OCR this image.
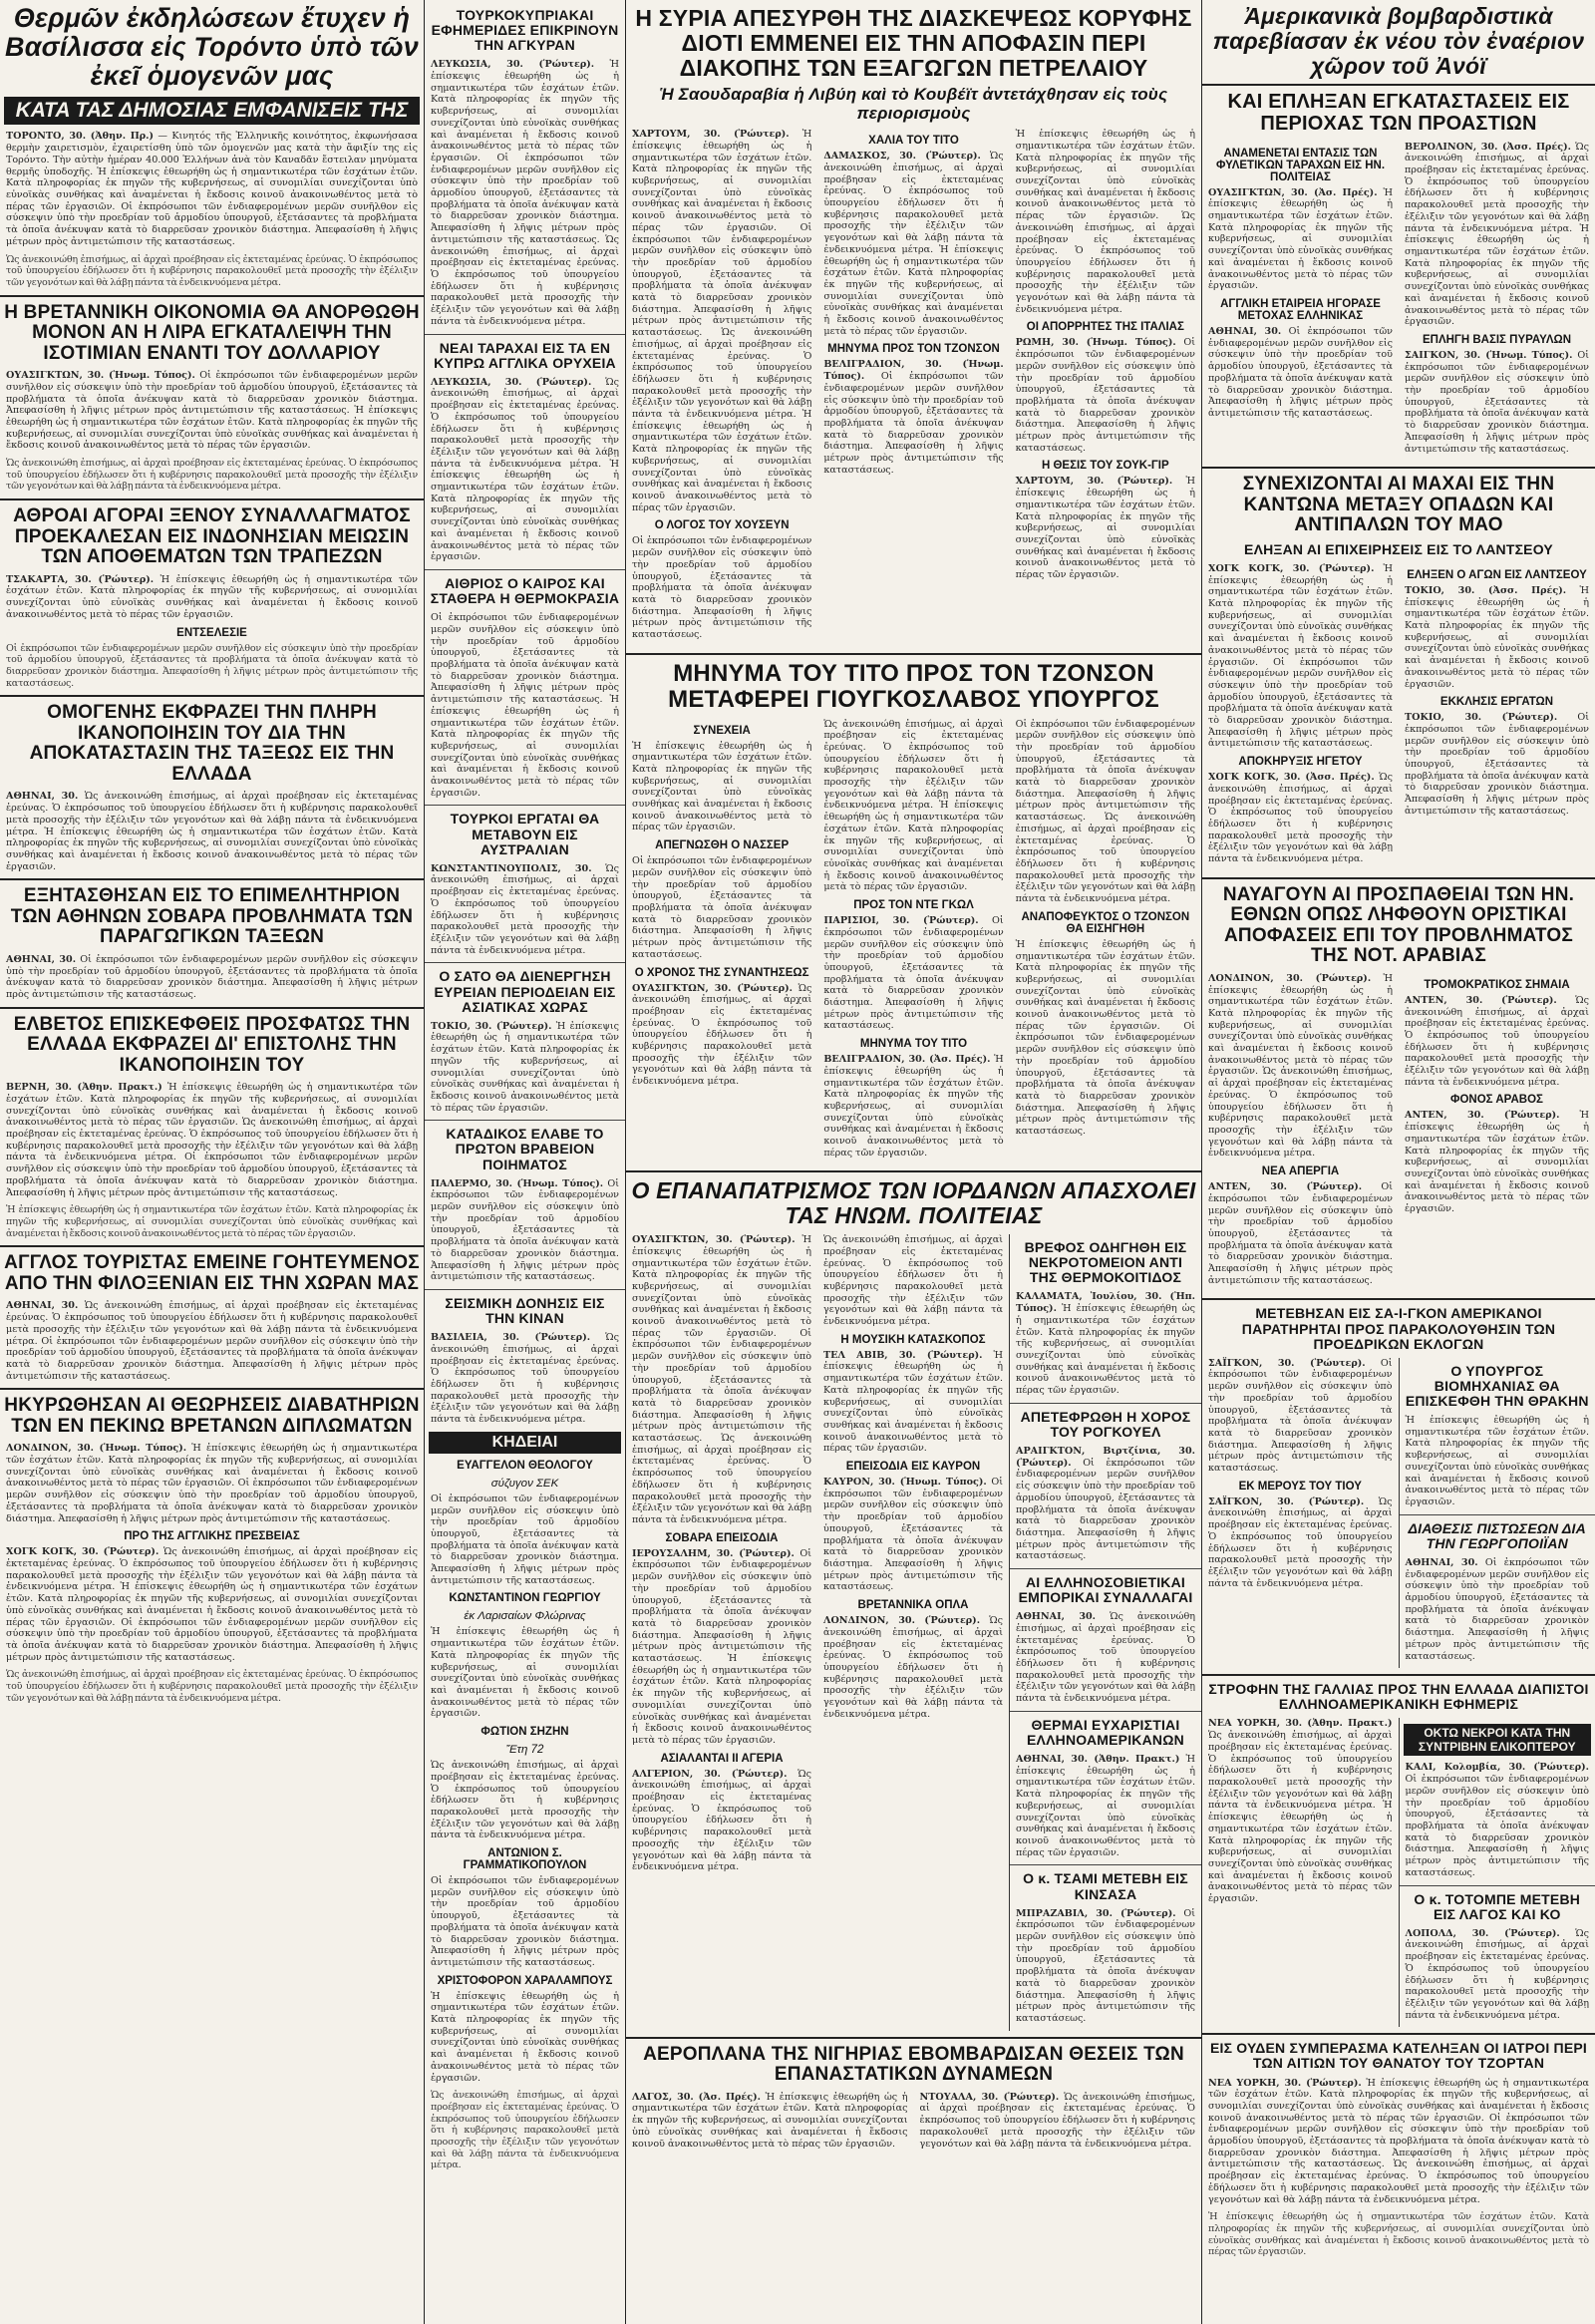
Θερμῶν ἐκδηλώσεων ἔτυχεν ἡ Βασίλισσα εἰς Τορόντο ὑπὸ τῶν ἐκεῖ ὁμογενῶν μας
ΚΑΤΑ ΤΑΣ ΔΗΜΟΣΙΑΣ ΕΜΦΑΝΙΣΕΙΣ ΤΗΣ
ΤΟΡΟΝΤΟ, 30. (Ἀθην. Πρ.) — Κινητός τῆς Ἑλληνικῆς κοινότητος, ἐκφωνήσασα θερμὴν χαιρετισμὸν, ἐχαιρετίσθη ὑπὸ τῶν ὁμογενῶν μας κατὰ τὴν ἄφιξίν της εἰς Τορόντο. Τὴν αὐτὴν ἡμέραν 40.000 Ἑλλήνων ἀνὰ τὸν Καναδᾶν ἔστειλαν μηνύματα θερμῆς ὑποδοχῆς. Ἡ ἐπίσκεψις ἐθεωρήθη ὡς ἡ σημαντικωτέρα τῶν ἐσχάτων ἐτῶν. Κατὰ πληροφορίας ἐκ πηγῶν τῆς κυβερνήσεως, αἱ συνομιλίαι συνεχίζονται ὑπὸ εὐνοϊκὰς συνθήκας καὶ ἀναμένεται ἡ ἔκδοσις κοινοῦ ἀνακοινωθέντος μετὰ τὸ πέρας τῶν ἐργασιῶν. Οἱ ἐκπρόσωποι τῶν ἐνδιαφερομένων μερῶν συνῆλθον εἰς σύσκεψιν ὑπὸ τὴν προεδρίαν τοῦ ἁρμοδίου ὑπουργοῦ, ἐξετάσαντες τὰ προβλήματα τὰ ὁποῖα ἀνέκυψαν κατὰ τὸ διαρρεῦσαν χρονικὸν διάστημα. Ἀπεφασίσθη ἡ λῆψις μέτρων πρὸς ἀντιμετώπισιν τῆς καταστάσεως.
Ὡς ἀνεκοινώθη ἐπισήμως, αἱ ἀρχαὶ προέβησαν εἰς ἐκτεταμένας ἐρεύνας. Ὁ ἐκπρόσωπος τοῦ ὑπουργείου ἐδήλωσεν ὅτι ἡ κυβέρνησις παρακολουθεῖ μετὰ προσοχῆς τὴν ἐξέλιξιν τῶν γεγονότων καὶ θὰ λάβῃ πάντα τὰ ἐνδεικνυόμενα μέτρα.
Η ΒΡΕΤΑΝΝΙΚΗ ΟΙΚΟΝΟΜΙΑ ΘΑ ΑΝΟΡΘΩΘΗ ΜΟΝΟΝ ΑΝ Η ΛΙΡΑ ΕΓΚΑΤΑΛΕΙΨΗ ΤΗΝ ΙΣΟΤΙΜΙΑΝ ΕΝΑΝΤΙ ΤΟΥ ΔΟΛΛΑΡΙΟΥ
ΟΥΑΣΙΓΚΤΩΝ, 30. (Ἡνωμ. Τύπος). Οἱ ἐκπρόσωποι τῶν ἐνδιαφερομένων μερῶν συνῆλθον εἰς σύσκεψιν ὑπὸ τὴν προεδρίαν τοῦ ἁρμοδίου ὑπουργοῦ, ἐξετάσαντες τὰ προβλήματα τὰ ὁποῖα ἀνέκυψαν κατὰ τὸ διαρρεῦσαν χρονικὸν διάστημα. Ἀπεφασίσθη ἡ λῆψις μέτρων πρὸς ἀντιμετώπισιν τῆς καταστάσεως. Ἡ ἐπίσκεψις ἐθεωρήθη ὡς ἡ σημαντικωτέρα τῶν ἐσχάτων ἐτῶν. Κατὰ πληροφορίας ἐκ πηγῶν τῆς κυβερνήσεως, αἱ συνομιλίαι συνεχίζονται ὑπὸ εὐνοϊκὰς συνθήκας καὶ ἀναμένεται ἡ ἔκδοσις κοινοῦ ἀνακοινωθέντος μετὰ τὸ πέρας τῶν ἐργασιῶν.
Ὡς ἀνεκοινώθη ἐπισήμως, αἱ ἀρχαὶ προέβησαν εἰς ἐκτεταμένας ἐρεύνας. Ὁ ἐκπρόσωπος τοῦ ὑπουργείου ἐδήλωσεν ὅτι ἡ κυβέρνησις παρακολουθεῖ μετὰ προσοχῆς τὴν ἐξέλιξιν τῶν γεγονότων καὶ θὰ λάβῃ πάντα τὰ ἐνδεικνυόμενα μέτρα.
ΑΘΡΟΑΙ ΑΓΟΡΑΙ ΞΕΝΟΥ ΣΥΝΑΛΛΑΓΜΑΤΟΣ ΠΡΟΕΚΑΛΕΣΑΝ ΕΙΣ ΙΝΔΟΝΗΣΙΑΝ ΜΕΙΩΣΙΝ ΤΩΝ ΑΠΟΘΕΜΑΤΩΝ ΤΩΝ ΤΡΑΠΕΖΩΝ
ΤΣΑΚΑΡΤΑ, 30. (Ῥώυτερ). Ἡ ἐπίσκεψις ἐθεωρήθη ὡς ἡ σημαντικωτέρα τῶν ἐσχάτων ἐτῶν. Κατὰ πληροφορίας ἐκ πηγῶν τῆς κυβερνήσεως, αἱ συνομιλίαι συνεχίζονται ὑπὸ εὐνοϊκὰς συνθήκας καὶ ἀναμένεται ἡ ἔκδοσις κοινοῦ ἀνακοινωθέντος μετὰ τὸ πέρας τῶν ἐργασιῶν.
ΕΝΤΣΕΛΕΣΙΕ
Οἱ ἐκπρόσωποι τῶν ἐνδιαφερομένων μερῶν συνῆλθον εἰς σύσκεψιν ὑπὸ τὴν προεδρίαν τοῦ ἁρμοδίου ὑπουργοῦ, ἐξετάσαντες τὰ προβλήματα τὰ ὁποῖα ἀνέκυψαν κατὰ τὸ διαρρεῦσαν χρονικὸν διάστημα. Ἀπεφασίσθη ἡ λῆψις μέτρων πρὸς ἀντιμετώπισιν τῆς καταστάσεως.
ΟΜΟΓΕΝΗΣ ΕΚΦΡΑΖΕΙ ΤΗΝ ΠΛΗΡΗ ΙΚΑΝΟΠΟΙΗΣΙΝ ΤΟΥ ΔΙΑ ΤΗΝ ΑΠΟΚΑΤΑΣΤΑΣΙΝ ΤΗΣ ΤΑΞΕΩΣ ΕΙΣ ΤΗΝ ΕΛΛΑΔΑ
ΑΘΗΝΑΙ, 30. Ὡς ἀνεκοινώθη ἐπισήμως, αἱ ἀρχαὶ προέβησαν εἰς ἐκτεταμένας ἐρεύνας. Ὁ ἐκπρόσωπος τοῦ ὑπουργείου ἐδήλωσεν ὅτι ἡ κυβέρνησις παρακολουθεῖ μετὰ προσοχῆς τὴν ἐξέλιξιν τῶν γεγονότων καὶ θὰ λάβῃ πάντα τὰ ἐνδεικνυόμενα μέτρα. Ἡ ἐπίσκεψις ἐθεωρήθη ὡς ἡ σημαντικωτέρα τῶν ἐσχάτων ἐτῶν. Κατὰ πληροφορίας ἐκ πηγῶν τῆς κυβερνήσεως, αἱ συνομιλίαι συνεχίζονται ὑπὸ εὐνοϊκὰς συνθήκας καὶ ἀναμένεται ἡ ἔκδοσις κοινοῦ ἀνακοινωθέντος μετὰ τὸ πέρας τῶν ἐργασιῶν.
ΕΞΗΤΑΣΘΗΣΑΝ ΕΙΣ ΤΟ ΕΠΙΜΕΛΗΤΗΡΙΟΝ ΤΩΝ ΑΘΗΝΩΝ ΣΟΒΑΡΑ ΠΡΟΒΛΗΜΑΤΑ ΤΩΝ ΠΑΡΑΓΩΓΙΚΩΝ ΤΑΞΕΩΝ
ΑΘΗΝΑΙ, 30. Οἱ ἐκπρόσωποι τῶν ἐνδιαφερομένων μερῶν συνῆλθον εἰς σύσκεψιν ὑπὸ τὴν προεδρίαν τοῦ ἁρμοδίου ὑπουργοῦ, ἐξετάσαντες τὰ προβλήματα τὰ ὁποῖα ἀνέκυψαν κατὰ τὸ διαρρεῦσαν χρονικὸν διάστημα. Ἀπεφασίσθη ἡ λῆψις μέτρων πρὸς ἀντιμετώπισιν τῆς καταστάσεως.
ΕΛΒΕΤΟΣ ΕΠΙΣΚΕΦΘΕΙΣ ΠΡΟΣΦΑΤΩΣ ΤΗΝ ΕΛΛΑΔΑ ΕΚΦΡΑΖΕΙ ΔΙ' ΕΠΙΣΤΟΛΗΣ ΤΗΝ ΙΚΑΝΟΠΟΙΗΣΙΝ ΤΟΥ
ΒΕΡΝΗ, 30. (Ἀθην. Πρακτ.) Ἡ ἐπίσκεψις ἐθεωρήθη ὡς ἡ σημαντικωτέρα τῶν ἐσχάτων ἐτῶν. Κατὰ πληροφορίας ἐκ πηγῶν τῆς κυβερνήσεως, αἱ συνομιλίαι συνεχίζονται ὑπὸ εὐνοϊκὰς συνθήκας καὶ ἀναμένεται ἡ ἔκδοσις κοινοῦ ἀνακοινωθέντος μετὰ τὸ πέρας τῶν ἐργασιῶν. Ὡς ἀνεκοινώθη ἐπισήμως, αἱ ἀρχαὶ προέβησαν εἰς ἐκτεταμένας ἐρεύνας. Ὁ ἐκπρόσωπος τοῦ ὑπουργείου ἐδήλωσεν ὅτι ἡ κυβέρνησις παρακολουθεῖ μετὰ προσοχῆς τὴν ἐξέλιξιν τῶν γεγονότων καὶ θὰ λάβῃ πάντα τὰ ἐνδεικνυόμενα μέτρα. Οἱ ἐκπρόσωποι τῶν ἐνδιαφερομένων μερῶν συνῆλθον εἰς σύσκεψιν ὑπὸ τὴν προεδρίαν τοῦ ἁρμοδίου ὑπουργοῦ, ἐξετάσαντες τὰ προβλήματα τὰ ὁποῖα ἀνέκυψαν κατὰ τὸ διαρρεῦσαν χρονικὸν διάστημα. Ἀπεφασίσθη ἡ λῆψις μέτρων πρὸς ἀντιμετώπισιν τῆς καταστάσεως.
Ἡ ἐπίσκεψις ἐθεωρήθη ὡς ἡ σημαντικωτέρα τῶν ἐσχάτων ἐτῶν. Κατὰ πληροφορίας ἐκ πηγῶν τῆς κυβερνήσεως, αἱ συνομιλίαι συνεχίζονται ὑπὸ εὐνοϊκὰς συνθήκας καὶ ἀναμένεται ἡ ἔκδοσις κοινοῦ ἀνακοινωθέντος μετὰ τὸ πέρας τῶν ἐργασιῶν.
ΑΓΓΛΟΣ ΤΟΥΡΙΣΤΑΣ ΕΜΕΙΝΕ ΓΟΗΤΕΥΜΕΝΟΣ ΑΠΟ ΤΗΝ ΦΙΛΟΞΕΝΙΑΝ ΕΙΣ ΤΗΝ ΧΩΡΑΝ ΜΑΣ
ΑΘΗΝΑΙ, 30. Ὡς ἀνεκοινώθη ἐπισήμως, αἱ ἀρχαὶ προέβησαν εἰς ἐκτεταμένας ἐρεύνας. Ὁ ἐκπρόσωπος τοῦ ὑπουργείου ἐδήλωσεν ὅτι ἡ κυβέρνησις παρακολουθεῖ μετὰ προσοχῆς τὴν ἐξέλιξιν τῶν γεγονότων καὶ θὰ λάβῃ πάντα τὰ ἐνδεικνυόμενα μέτρα. Οἱ ἐκπρόσωποι τῶν ἐνδιαφερομένων μερῶν συνῆλθον εἰς σύσκεψιν ὑπὸ τὴν προεδρίαν τοῦ ἁρμοδίου ὑπουργοῦ, ἐξετάσαντες τὰ προβλήματα τὰ ὁποῖα ἀνέκυψαν κατὰ τὸ διαρρεῦσαν χρονικὸν διάστημα. Ἀπεφασίσθη ἡ λῆψις μέτρων πρὸς ἀντιμετώπισιν τῆς καταστάσεως.
ΗΚΥΡΩΘΗΣΑΝ ΑΙ ΘΕΩΡΗΣΕΙΣ ΔΙΑΒΑΤΗΡΙΩΝ ΤΩΝ ΕΝ ΠΕΚΙΝΩ ΒΡΕΤΑΝΩΝ ΔΙΠΛΩΜΑΤΩΝ
ΛΟΝΔΙΝΟΝ, 30. (Ἡνωμ. Τύπος). Ἡ ἐπίσκεψις ἐθεωρήθη ὡς ἡ σημαντικωτέρα τῶν ἐσχάτων ἐτῶν. Κατὰ πληροφορίας ἐκ πηγῶν τῆς κυβερνήσεως, αἱ συνομιλίαι συνεχίζονται ὑπὸ εὐνοϊκὰς συνθήκας καὶ ἀναμένεται ἡ ἔκδοσις κοινοῦ ἀνακοινωθέντος μετὰ τὸ πέρας τῶν ἐργασιῶν. Οἱ ἐκπρόσωποι τῶν ἐνδιαφερομένων μερῶν συνῆλθον εἰς σύσκεψιν ὑπὸ τὴν προεδρίαν τοῦ ἁρμοδίου ὑπουργοῦ, ἐξετάσαντες τὰ προβλήματα τὰ ὁποῖα ἀνέκυψαν κατὰ τὸ διαρρεῦσαν χρονικὸν διάστημα. Ἀπεφασίσθη ἡ λῆψις μέτρων πρὸς ἀντιμετώπισιν τῆς καταστάσεως.
ΠΡΟ ΤΗΣ ΑΓΓΛΙΚΗΣ ΠΡΕΣΒΕΙΑΣ
ΧΟΓΚ ΚΟΓΚ, 30. (Ῥώυτερ). Ὡς ἀνεκοινώθη ἐπισήμως, αἱ ἀρχαὶ προέβησαν εἰς ἐκτεταμένας ἐρεύνας. Ὁ ἐκπρόσωπος τοῦ ὑπουργείου ἐδήλωσεν ὅτι ἡ κυβέρνησις παρακολουθεῖ μετὰ προσοχῆς τὴν ἐξέλιξιν τῶν γεγονότων καὶ θὰ λάβῃ πάντα τὰ ἐνδεικνυόμενα μέτρα. Ἡ ἐπίσκεψις ἐθεωρήθη ὡς ἡ σημαντικωτέρα τῶν ἐσχάτων ἐτῶν. Κατὰ πληροφορίας ἐκ πηγῶν τῆς κυβερνήσεως, αἱ συνομιλίαι συνεχίζονται ὑπὸ εὐνοϊκὰς συνθήκας καὶ ἀναμένεται ἡ ἔκδοσις κοινοῦ ἀνακοινωθέντος μετὰ τὸ πέρας τῶν ἐργασιῶν. Οἱ ἐκπρόσωποι τῶν ἐνδιαφερομένων μερῶν συνῆλθον εἰς σύσκεψιν ὑπὸ τὴν προεδρίαν τοῦ ἁρμοδίου ὑπουργοῦ, ἐξετάσαντες τὰ προβλήματα τὰ ὁποῖα ἀνέκυψαν κατὰ τὸ διαρρεῦσαν χρονικὸν διάστημα. Ἀπεφασίσθη ἡ λῆψις μέτρων πρὸς ἀντιμετώπισιν τῆς καταστάσεως.
Ὡς ἀνεκοινώθη ἐπισήμως, αἱ ἀρχαὶ προέβησαν εἰς ἐκτεταμένας ἐρεύνας. Ὁ ἐκπρόσωπος τοῦ ὑπουργείου ἐδήλωσεν ὅτι ἡ κυβέρνησις παρακολουθεῖ μετὰ προσοχῆς τὴν ἐξέλιξιν τῶν γεγονότων καὶ θὰ λάβῃ πάντα τὰ ἐνδεικνυόμενα μέτρα.
ΤΟΥΡΚΟΚΥΠΡΙΑΚΑΙ ΕΦΗΜΕΡΙΔΕΣ ΕΠΙΚΡΙΝΟΥΝ ΤΗΝ ΑΓΚΥΡΑΝ
ΛΕΥΚΩΣΙΑ, 30. (Ῥώυτερ). Ἡ ἐπίσκεψις ἐθεωρήθη ὡς ἡ σημαντικωτέρα τῶν ἐσχάτων ἐτῶν. Κατὰ πληροφορίας ἐκ πηγῶν τῆς κυβερνήσεως, αἱ συνομιλίαι συνεχίζονται ὑπὸ εὐνοϊκὰς συνθήκας καὶ ἀναμένεται ἡ ἔκδοσις κοινοῦ ἀνακοινωθέντος μετὰ τὸ πέρας τῶν ἐργασιῶν. Οἱ ἐκπρόσωποι τῶν ἐνδιαφερομένων μερῶν συνῆλθον εἰς σύσκεψιν ὑπὸ τὴν προεδρίαν τοῦ ἁρμοδίου ὑπουργοῦ, ἐξετάσαντες τὰ προβλήματα τὰ ὁποῖα ἀνέκυψαν κατὰ τὸ διαρρεῦσαν χρονικὸν διάστημα. Ἀπεφασίσθη ἡ λῆψις μέτρων πρὸς ἀντιμετώπισιν τῆς καταστάσεως. Ὡς ἀνεκοινώθη ἐπισήμως, αἱ ἀρχαὶ προέβησαν εἰς ἐκτεταμένας ἐρεύνας. Ὁ ἐκπρόσωπος τοῦ ὑπουργείου ἐδήλωσεν ὅτι ἡ κυβέρνησις παρακολουθεῖ μετὰ προσοχῆς τὴν ἐξέλιξιν τῶν γεγονότων καὶ θὰ λάβῃ πάντα τὰ ἐνδεικνυόμενα μέτρα.
ΝΕΑΙ ΤΑΡΑΧΑΙ ΕΙΣ ΤΑ ΕΝ ΚΥΠΡΩ ΑΓΓΛΙΚΑ ΟΡΥΧΕΙΑ
ΛΕΥΚΩΣΙΑ, 30. (Ῥώυτερ). Ὡς ἀνεκοινώθη ἐπισήμως, αἱ ἀρχαὶ προέβησαν εἰς ἐκτεταμένας ἐρεύνας. Ὁ ἐκπρόσωπος τοῦ ὑπουργείου ἐδήλωσεν ὅτι ἡ κυβέρνησις παρακολουθεῖ μετὰ προσοχῆς τὴν ἐξέλιξιν τῶν γεγονότων καὶ θὰ λάβῃ πάντα τὰ ἐνδεικνυόμενα μέτρα. Ἡ ἐπίσκεψις ἐθεωρήθη ὡς ἡ σημαντικωτέρα τῶν ἐσχάτων ἐτῶν. Κατὰ πληροφορίας ἐκ πηγῶν τῆς κυβερνήσεως, αἱ συνομιλίαι συνεχίζονται ὑπὸ εὐνοϊκὰς συνθήκας καὶ ἀναμένεται ἡ ἔκδοσις κοινοῦ ἀνακοινωθέντος μετὰ τὸ πέρας τῶν ἐργασιῶν.
ΑΙΘΡΙΟΣ Ο ΚΑΙΡΟΣ ΚΑΙ ΣΤΑΘΕΡΑ Η ΘΕΡΜΟΚΡΑΣΙΑ
Οἱ ἐκπρόσωποι τῶν ἐνδιαφερομένων μερῶν συνῆλθον εἰς σύσκεψιν ὑπὸ τὴν προεδρίαν τοῦ ἁρμοδίου ὑπουργοῦ, ἐξετάσαντες τὰ προβλήματα τὰ ὁποῖα ἀνέκυψαν κατὰ τὸ διαρρεῦσαν χρονικὸν διάστημα. Ἀπεφασίσθη ἡ λῆψις μέτρων πρὸς ἀντιμετώπισιν τῆς καταστάσεως. Ἡ ἐπίσκεψις ἐθεωρήθη ὡς ἡ σημαντικωτέρα τῶν ἐσχάτων ἐτῶν. Κατὰ πληροφορίας ἐκ πηγῶν τῆς κυβερνήσεως, αἱ συνομιλίαι συνεχίζονται ὑπὸ εὐνοϊκὰς συνθήκας καὶ ἀναμένεται ἡ ἔκδοσις κοινοῦ ἀνακοινωθέντος μετὰ τὸ πέρας τῶν ἐργασιῶν.
ΤΟΥΡΚΟΙ ΕΡΓΑΤΑΙ ΘΑ ΜΕΤΑΒΟΥΝ ΕΙΣ ΑΥΣΤΡΑΛΙΑΝ
ΚΩΝΣΤΑΝΤΙΝΟΥΠΟΛΙΣ, 30. Ὡς ἀνεκοινώθη ἐπισήμως, αἱ ἀρχαὶ προέβησαν εἰς ἐκτεταμένας ἐρεύνας. Ὁ ἐκπρόσωπος τοῦ ὑπουργείου ἐδήλωσεν ὅτι ἡ κυβέρνησις παρακολουθεῖ μετὰ προσοχῆς τὴν ἐξέλιξιν τῶν γεγονότων καὶ θὰ λάβῃ πάντα τὰ ἐνδεικνυόμενα μέτρα.
Ο ΣΑΤΟ ΘΑ ΔΙΕΝΕΡΓΗΣΗ ΕΥΡΕΙΑΝ ΠΕΡΙΟΔΕΙΑΝ ΕΙΣ ΑΣΙΑΤΙΚΑΣ ΧΩΡΑΣ
ΤΟΚΙΟ, 30. (Ῥώυτερ). Ἡ ἐπίσκεψις ἐθεωρήθη ὡς ἡ σημαντικωτέρα τῶν ἐσχάτων ἐτῶν. Κατὰ πληροφορίας ἐκ πηγῶν τῆς κυβερνήσεως, αἱ συνομιλίαι συνεχίζονται ὑπὸ εὐνοϊκὰς συνθήκας καὶ ἀναμένεται ἡ ἔκδοσις κοινοῦ ἀνακοινωθέντος μετὰ τὸ πέρας τῶν ἐργασιῶν.
ΚΑΤΑΔΙΚΟΣ ΕΛΑΒΕ ΤΟ ΠΡΩΤΟΝ ΒΡΑΒΕΙΟΝ ΠΟΙΗΜΑΤΟΣ
ΠΑΛΕΡΜΟ, 30. (Ἡνωμ. Τύπος). Οἱ ἐκπρόσωποι τῶν ἐνδιαφερομένων μερῶν συνῆλθον εἰς σύσκεψιν ὑπὸ τὴν προεδρίαν τοῦ ἁρμοδίου ὑπουργοῦ, ἐξετάσαντες τὰ προβλήματα τὰ ὁποῖα ἀνέκυψαν κατὰ τὸ διαρρεῦσαν χρονικὸν διάστημα. Ἀπεφασίσθη ἡ λῆψις μέτρων πρὸς ἀντιμετώπισιν τῆς καταστάσεως.
ΣΕΙΣΜΙΚΗ ΔΟΝΗΣΙΣ ΕΙΣ ΤΗΝ ΚΙΝΑΝ
ΒΑΣΙΛΕΙΑ, 30. (Ῥώυτερ). Ὡς ἀνεκοινώθη ἐπισήμως, αἱ ἀρχαὶ προέβησαν εἰς ἐκτεταμένας ἐρεύνας. Ὁ ἐκπρόσωπος τοῦ ὑπουργείου ἐδήλωσεν ὅτι ἡ κυβέρνησις παρακολουθεῖ μετὰ προσοχῆς τὴν ἐξέλιξιν τῶν γεγονότων καὶ θὰ λάβῃ πάντα τὰ ἐνδεικνυόμενα μέτρα.
ΚΗΔΕΙΑΙ
ΕΥΑΓΓΕΛΟΝ ΘΕΟΛΟΓΟΥ
σύζυγον ΣΕΚ
Οἱ ἐκπρόσωποι τῶν ἐνδιαφερομένων μερῶν συνῆλθον εἰς σύσκεψιν ὑπὸ τὴν προεδρίαν τοῦ ἁρμοδίου ὑπουργοῦ, ἐξετάσαντες τὰ προβλήματα τὰ ὁποῖα ἀνέκυψαν κατὰ τὸ διαρρεῦσαν χρονικὸν διάστημα. Ἀπεφασίσθη ἡ λῆψις μέτρων πρὸς ἀντιμετώπισιν τῆς καταστάσεως.
ΚΩΝΣΤΑΝΤΙΝΟΝ ΓΕΩΡΓΙΟΥ
ἐκ Λαρισαίων Φλώρινας
Ἡ ἐπίσκεψις ἐθεωρήθη ὡς ἡ σημαντικωτέρα τῶν ἐσχάτων ἐτῶν. Κατὰ πληροφορίας ἐκ πηγῶν τῆς κυβερνήσεως, αἱ συνομιλίαι συνεχίζονται ὑπὸ εὐνοϊκὰς συνθήκας καὶ ἀναμένεται ἡ ἔκδοσις κοινοῦ ἀνακοινωθέντος μετὰ τὸ πέρας τῶν ἐργασιῶν.
ΦΩΤΙΟΝ ΣΗΖΗΝ
Ἔτη 72
Ὡς ἀνεκοινώθη ἐπισήμως, αἱ ἀρχαὶ προέβησαν εἰς ἐκτεταμένας ἐρεύνας. Ὁ ἐκπρόσωπος τοῦ ὑπουργείου ἐδήλωσεν ὅτι ἡ κυβέρνησις παρακολουθεῖ μετὰ προσοχῆς τὴν ἐξέλιξιν τῶν γεγονότων καὶ θὰ λάβῃ πάντα τὰ ἐνδεικνυόμενα μέτρα.
ΑΝΤΩΝΙΟΝ Σ. ΓΡΑΜΜΑΤΙΚΟΠΟΥΛΟΝ
Οἱ ἐκπρόσωποι τῶν ἐνδιαφερομένων μερῶν συνῆλθον εἰς σύσκεψιν ὑπὸ τὴν προεδρίαν τοῦ ἁρμοδίου ὑπουργοῦ, ἐξετάσαντες τὰ προβλήματα τὰ ὁποῖα ἀνέκυψαν κατὰ τὸ διαρρεῦσαν χρονικὸν διάστημα. Ἀπεφασίσθη ἡ λῆψις μέτρων πρὸς ἀντιμετώπισιν τῆς καταστάσεως.
ΧΡΙΣΤΟΦΟΡΟΝ ΧΑΡΑΛΑΜΠΟΥΣ
Ἡ ἐπίσκεψις ἐθεωρήθη ὡς ἡ σημαντικωτέρα τῶν ἐσχάτων ἐτῶν. Κατὰ πληροφορίας ἐκ πηγῶν τῆς κυβερνήσεως, αἱ συνομιλίαι συνεχίζονται ὑπὸ εὐνοϊκὰς συνθήκας καὶ ἀναμένεται ἡ ἔκδοσις κοινοῦ ἀνακοινωθέντος μετὰ τὸ πέρας τῶν ἐργασιῶν.
Ὡς ἀνεκοινώθη ἐπισήμως, αἱ ἀρχαὶ προέβησαν εἰς ἐκτεταμένας ἐρεύνας. Ὁ ἐκπρόσωπος τοῦ ὑπουργείου ἐδήλωσεν ὅτι ἡ κυβέρνησις παρακολουθεῖ μετὰ προσοχῆς τὴν ἐξέλιξιν τῶν γεγονότων καὶ θὰ λάβῃ πάντα τὰ ἐνδεικνυόμενα μέτρα.
Η ΣΥΡΙΑ ΑΠΕΣΥΡΘΗ ΤΗΣ ΔΙΑΣΚΕΨΕΩΣ ΚΟΡΥΦΗΣ ΔΙΟΤΙ ΕΜΜΕΝΕΙ ΕΙΣ ΤΗΝ ΑΠΟΦΑΣΙΝ ΠΕΡΙ ΔΙΑΚΟΠΗΣ ΤΩΝ ΕΞΑΓΩΓΩΝ ΠΕΤΡΕΛΑΙΟΥ
Ἡ Σαουδαραβία ἡ Λιβύη καὶ τὸ Κουβέϊτ ἀντετάχθησαν εἰς τοὺς περιορισμοὺς
ΧΑΡΤΟΥΜ, 30. (Ῥώυτερ). Ἡ ἐπίσκεψις ἐθεωρήθη ὡς ἡ σημαντικωτέρα τῶν ἐσχάτων ἐτῶν. Κατὰ πληροφορίας ἐκ πηγῶν τῆς κυβερνήσεως, αἱ συνομιλίαι συνεχίζονται ὑπὸ εὐνοϊκὰς συνθήκας καὶ ἀναμένεται ἡ ἔκδοσις κοινοῦ ἀνακοινωθέντος μετὰ τὸ πέρας τῶν ἐργασιῶν. Οἱ ἐκπρόσωποι τῶν ἐνδιαφερομένων μερῶν συνῆλθον εἰς σύσκεψιν ὑπὸ τὴν προεδρίαν τοῦ ἁρμοδίου ὑπουργοῦ, ἐξετάσαντες τὰ προβλήματα τὰ ὁποῖα ἀνέκυψαν κατὰ τὸ διαρρεῦσαν χρονικὸν διάστημα. Ἀπεφασίσθη ἡ λῆψις μέτρων πρὸς ἀντιμετώπισιν τῆς καταστάσεως. Ὡς ἀνεκοινώθη ἐπισήμως, αἱ ἀρχαὶ προέβησαν εἰς ἐκτεταμένας ἐρεύνας. Ὁ ἐκπρόσωπος τοῦ ὑπουργείου ἐδήλωσεν ὅτι ἡ κυβέρνησις παρακολουθεῖ μετὰ προσοχῆς τὴν ἐξέλιξιν τῶν γεγονότων καὶ θὰ λάβῃ πάντα τὰ ἐνδεικνυόμενα μέτρα. Ἡ ἐπίσκεψις ἐθεωρήθη ὡς ἡ σημαντικωτέρα τῶν ἐσχάτων ἐτῶν. Κατὰ πληροφορίας ἐκ πηγῶν τῆς κυβερνήσεως, αἱ συνομιλίαι συνεχίζονται ὑπὸ εὐνοϊκὰς συνθήκας καὶ ἀναμένεται ἡ ἔκδοσις κοινοῦ ἀνακοινωθέντος μετὰ τὸ πέρας τῶν ἐργασιῶν.
Ο ΛΟΓΟΣ ΤΟΥ ΧΟΥΣΕΥΝ
Οἱ ἐκπρόσωποι τῶν ἐνδιαφερομένων μερῶν συνῆλθον εἰς σύσκεψιν ὑπὸ τὴν προεδρίαν τοῦ ἁρμοδίου ὑπουργοῦ, ἐξετάσαντες τὰ προβλήματα τὰ ὁποῖα ἀνέκυψαν κατὰ τὸ διαρρεῦσαν χρονικὸν διάστημα. Ἀπεφασίσθη ἡ λῆψις μέτρων πρὸς ἀντιμετώπισιν τῆς καταστάσεως.
ΧΑΛΙΑ ΤΟΥ ΤΙΤΟ
ΔΑΜΑΣΚΟΣ, 30. (Ῥώυτερ). Ὡς ἀνεκοινώθη ἐπισήμως, αἱ ἀρχαὶ προέβησαν εἰς ἐκτεταμένας ἐρεύνας. Ὁ ἐκπρόσωπος τοῦ ὑπουργείου ἐδήλωσεν ὅτι ἡ κυβέρνησις παρακολουθεῖ μετὰ προσοχῆς τὴν ἐξέλιξιν τῶν γεγονότων καὶ θὰ λάβῃ πάντα τὰ ἐνδεικνυόμενα μέτρα. Ἡ ἐπίσκεψις ἐθεωρήθη ὡς ἡ σημαντικωτέρα τῶν ἐσχάτων ἐτῶν. Κατὰ πληροφορίας ἐκ πηγῶν τῆς κυβερνήσεως, αἱ συνομιλίαι συνεχίζονται ὑπὸ εὐνοϊκὰς συνθήκας καὶ ἀναμένεται ἡ ἔκδοσις κοινοῦ ἀνακοινωθέντος μετὰ τὸ πέρας τῶν ἐργασιῶν.
ΜΗΝΥΜΑ ΠΡΟΣ ΤΟΝ ΤΖΟΝΣΟΝ
ΒΕΛΙΓΡΑΔΙΟΝ, 30. (Ἡνωμ. Τύπος). Οἱ ἐκπρόσωποι τῶν ἐνδιαφερομένων μερῶν συνῆλθον εἰς σύσκεψιν ὑπὸ τὴν προεδρίαν τοῦ ἁρμοδίου ὑπουργοῦ, ἐξετάσαντες τὰ προβλήματα τὰ ὁποῖα ἀνέκυψαν κατὰ τὸ διαρρεῦσαν χρονικὸν διάστημα. Ἀπεφασίσθη ἡ λῆψις μέτρων πρὸς ἀντιμετώπισιν τῆς καταστάσεως.
Ἡ ἐπίσκεψις ἐθεωρήθη ὡς ἡ σημαντικωτέρα τῶν ἐσχάτων ἐτῶν. Κατὰ πληροφορίας ἐκ πηγῶν τῆς κυβερνήσεως, αἱ συνομιλίαι συνεχίζονται ὑπὸ εὐνοϊκὰς συνθήκας καὶ ἀναμένεται ἡ ἔκδοσις κοινοῦ ἀνακοινωθέντος μετὰ τὸ πέρας τῶν ἐργασιῶν. Ὡς ἀνεκοινώθη ἐπισήμως, αἱ ἀρχαὶ προέβησαν εἰς ἐκτεταμένας ἐρεύνας. Ὁ ἐκπρόσωπος τοῦ ὑπουργείου ἐδήλωσεν ὅτι ἡ κυβέρνησις παρακολουθεῖ μετὰ προσοχῆς τὴν ἐξέλιξιν τῶν γεγονότων καὶ θὰ λάβῃ πάντα τὰ ἐνδεικνυόμενα μέτρα.
ΟΙ ΑΠΟΡΡΗΤΕΣ ΤΗΣ ΙΤΑΛΙΑΣ
ΡΩΜΗ, 30. (Ἡνωμ. Τύπος). Οἱ ἐκπρόσωποι τῶν ἐνδιαφερομένων μερῶν συνῆλθον εἰς σύσκεψιν ὑπὸ τὴν προεδρίαν τοῦ ἁρμοδίου ὑπουργοῦ, ἐξετάσαντες τὰ προβλήματα τὰ ὁποῖα ἀνέκυψαν κατὰ τὸ διαρρεῦσαν χρονικὸν διάστημα. Ἀπεφασίσθη ἡ λῆψις μέτρων πρὸς ἀντιμετώπισιν τῆς καταστάσεως.
Η ΘΕΣΙΣ ΤΟΥ ΣΟΥΚ-ΓΙΡ
ΧΑΡΤΟΥΜ, 30. (Ῥώυτερ). Ἡ ἐπίσκεψις ἐθεωρήθη ὡς ἡ σημαντικωτέρα τῶν ἐσχάτων ἐτῶν. Κατὰ πληροφορίας ἐκ πηγῶν τῆς κυβερνήσεως, αἱ συνομιλίαι συνεχίζονται ὑπὸ εὐνοϊκὰς συνθήκας καὶ ἀναμένεται ἡ ἔκδοσις κοινοῦ ἀνακοινωθέντος μετὰ τὸ πέρας τῶν ἐργασιῶν.
ΜΗΝΥΜΑ ΤΟΥ ΤΙΤΟ ΠΡΟΣ ΤΟΝ ΤΖΟΝΣΟΝ ΜΕΤΑΦΕΡΕΙ ΓΙΟΥΓΚΟΣΛΑΒΟΣ ΥΠΟΥΡΓΟΣ
ΣΥΝΕΧΕΙΑ
Ἡ ἐπίσκεψις ἐθεωρήθη ὡς ἡ σημαντικωτέρα τῶν ἐσχάτων ἐτῶν. Κατὰ πληροφορίας ἐκ πηγῶν τῆς κυβερνήσεως, αἱ συνομιλίαι συνεχίζονται ὑπὸ εὐνοϊκὰς συνθήκας καὶ ἀναμένεται ἡ ἔκδοσις κοινοῦ ἀνακοινωθέντος μετὰ τὸ πέρας τῶν ἐργασιῶν.
ΑΠΕΓΝΩΣΘΗ Ο ΝΑΣΣΕΡ
Οἱ ἐκπρόσωποι τῶν ἐνδιαφερομένων μερῶν συνῆλθον εἰς σύσκεψιν ὑπὸ τὴν προεδρίαν τοῦ ἁρμοδίου ὑπουργοῦ, ἐξετάσαντες τὰ προβλήματα τὰ ὁποῖα ἀνέκυψαν κατὰ τὸ διαρρεῦσαν χρονικὸν διάστημα. Ἀπεφασίσθη ἡ λῆψις μέτρων πρὸς ἀντιμετώπισιν τῆς καταστάσεως.
Ο ΧΡΟΝΟΣ ΤΗΣ ΣΥΝΑΝΤΗΣΕΩΣ
ΟΥΑΣΙΓΚΤΩΝ, 30. (Ῥώυτερ). Ὡς ἀνεκοινώθη ἐπισήμως, αἱ ἀρχαὶ προέβησαν εἰς ἐκτεταμένας ἐρεύνας. Ὁ ἐκπρόσωπος τοῦ ὑπουργείου ἐδήλωσεν ὅτι ἡ κυβέρνησις παρακολουθεῖ μετὰ προσοχῆς τὴν ἐξέλιξιν τῶν γεγονότων καὶ θὰ λάβῃ πάντα τὰ ἐνδεικνυόμενα μέτρα.
Ὡς ἀνεκοινώθη ἐπισήμως, αἱ ἀρχαὶ προέβησαν εἰς ἐκτεταμένας ἐρεύνας. Ὁ ἐκπρόσωπος τοῦ ὑπουργείου ἐδήλωσεν ὅτι ἡ κυβέρνησις παρακολουθεῖ μετὰ προσοχῆς τὴν ἐξέλιξιν τῶν γεγονότων καὶ θὰ λάβῃ πάντα τὰ ἐνδεικνυόμενα μέτρα. Ἡ ἐπίσκεψις ἐθεωρήθη ὡς ἡ σημαντικωτέρα τῶν ἐσχάτων ἐτῶν. Κατὰ πληροφορίας ἐκ πηγῶν τῆς κυβερνήσεως, αἱ συνομιλίαι συνεχίζονται ὑπὸ εὐνοϊκὰς συνθήκας καὶ ἀναμένεται ἡ ἔκδοσις κοινοῦ ἀνακοινωθέντος μετὰ τὸ πέρας τῶν ἐργασιῶν.
ΠΡΟΣ ΤΟΝ ΝΤΕ ΓΚΩΛ
ΠΑΡΙΣΙΟΙ, 30. (Ῥώυτερ). Οἱ ἐκπρόσωποι τῶν ἐνδιαφερομένων μερῶν συνῆλθον εἰς σύσκεψιν ὑπὸ τὴν προεδρίαν τοῦ ἁρμοδίου ὑπουργοῦ, ἐξετάσαντες τὰ προβλήματα τὰ ὁποῖα ἀνέκυψαν κατὰ τὸ διαρρεῦσαν χρονικὸν διάστημα. Ἀπεφασίσθη ἡ λῆψις μέτρων πρὸς ἀντιμετώπισιν τῆς καταστάσεως.
ΜΗΝΥΜΑ ΤΟΥ ΤΙΤΟ
ΒΕΛΙΓΡΑΔΙΟΝ, 30. (Ἀσ. Πρές). Ἡ ἐπίσκεψις ἐθεωρήθη ὡς ἡ σημαντικωτέρα τῶν ἐσχάτων ἐτῶν. Κατὰ πληροφορίας ἐκ πηγῶν τῆς κυβερνήσεως, αἱ συνομιλίαι συνεχίζονται ὑπὸ εὐνοϊκὰς συνθήκας καὶ ἀναμένεται ἡ ἔκδοσις κοινοῦ ἀνακοινωθέντος μετὰ τὸ πέρας τῶν ἐργασιῶν.
Οἱ ἐκπρόσωποι τῶν ἐνδιαφερομένων μερῶν συνῆλθον εἰς σύσκεψιν ὑπὸ τὴν προεδρίαν τοῦ ἁρμοδίου ὑπουργοῦ, ἐξετάσαντες τὰ προβλήματα τὰ ὁποῖα ἀνέκυψαν κατὰ τὸ διαρρεῦσαν χρονικὸν διάστημα. Ἀπεφασίσθη ἡ λῆψις μέτρων πρὸς ἀντιμετώπισιν τῆς καταστάσεως. Ὡς ἀνεκοινώθη ἐπισήμως, αἱ ἀρχαὶ προέβησαν εἰς ἐκτεταμένας ἐρεύνας. Ὁ ἐκπρόσωπος τοῦ ὑπουργείου ἐδήλωσεν ὅτι ἡ κυβέρνησις παρακολουθεῖ μετὰ προσοχῆς τὴν ἐξέλιξιν τῶν γεγονότων καὶ θὰ λάβῃ πάντα τὰ ἐνδεικνυόμενα μέτρα.
ΑΝΑΠΟΦΕΥΚΤΟΣ Ο ΤΖΟΝΣΟΝ ΘΑ ΕΙΣΗΓΗΘΗ
Ἡ ἐπίσκεψις ἐθεωρήθη ὡς ἡ σημαντικωτέρα τῶν ἐσχάτων ἐτῶν. Κατὰ πληροφορίας ἐκ πηγῶν τῆς κυβερνήσεως, αἱ συνομιλίαι συνεχίζονται ὑπὸ εὐνοϊκὰς συνθήκας καὶ ἀναμένεται ἡ ἔκδοσις κοινοῦ ἀνακοινωθέντος μετὰ τὸ πέρας τῶν ἐργασιῶν. Οἱ ἐκπρόσωποι τῶν ἐνδιαφερομένων μερῶν συνῆλθον εἰς σύσκεψιν ὑπὸ τὴν προεδρίαν τοῦ ἁρμοδίου ὑπουργοῦ, ἐξετάσαντες τὰ προβλήματα τὰ ὁποῖα ἀνέκυψαν κατὰ τὸ διαρρεῦσαν χρονικὸν διάστημα. Ἀπεφασίσθη ἡ λῆψις μέτρων πρὸς ἀντιμετώπισιν τῆς καταστάσεως.
Ο ΕΠΑΝΑΠΑΤΡΙΣΜΟΣ ΤΩΝ ΙΟΡΔΑΝΩΝ ΑΠΑΣΧΟΛΕΙ ΤΑΣ ΗΝΩΜ. ΠΟΛΙΤΕΙΑΣ
ΟΥΑΣΙΓΚΤΩΝ, 30. (Ῥώυτερ). Ἡ ἐπίσκεψις ἐθεωρήθη ὡς ἡ σημαντικωτέρα τῶν ἐσχάτων ἐτῶν. Κατὰ πληροφορίας ἐκ πηγῶν τῆς κυβερνήσεως, αἱ συνομιλίαι συνεχίζονται ὑπὸ εὐνοϊκὰς συνθήκας καὶ ἀναμένεται ἡ ἔκδοσις κοινοῦ ἀνακοινωθέντος μετὰ τὸ πέρας τῶν ἐργασιῶν. Οἱ ἐκπρόσωποι τῶν ἐνδιαφερομένων μερῶν συνῆλθον εἰς σύσκεψιν ὑπὸ τὴν προεδρίαν τοῦ ἁρμοδίου ὑπουργοῦ, ἐξετάσαντες τὰ προβλήματα τὰ ὁποῖα ἀνέκυψαν κατὰ τὸ διαρρεῦσαν χρονικὸν διάστημα. Ἀπεφασίσθη ἡ λῆψις μέτρων πρὸς ἀντιμετώπισιν τῆς καταστάσεως. Ὡς ἀνεκοινώθη ἐπισήμως, αἱ ἀρχαὶ προέβησαν εἰς ἐκτεταμένας ἐρεύνας. Ὁ ἐκπρόσωπος τοῦ ὑπουργείου ἐδήλωσεν ὅτι ἡ κυβέρνησις παρακολουθεῖ μετὰ προσοχῆς τὴν ἐξέλιξιν τῶν γεγονότων καὶ θὰ λάβῃ πάντα τὰ ἐνδεικνυόμενα μέτρα.
ΣΟΒΑΡΑ ΕΠΕΙΣΟΔΙΑ
ΙΕΡΟΥΣΑΛΗΜ, 30. (Ῥώυτερ). Οἱ ἐκπρόσωποι τῶν ἐνδιαφερομένων μερῶν συνῆλθον εἰς σύσκεψιν ὑπὸ τὴν προεδρίαν τοῦ ἁρμοδίου ὑπουργοῦ, ἐξετάσαντες τὰ προβλήματα τὰ ὁποῖα ἀνέκυψαν κατὰ τὸ διαρρεῦσαν χρονικὸν διάστημα. Ἀπεφασίσθη ἡ λῆψις μέτρων πρὸς ἀντιμετώπισιν τῆς καταστάσεως.	Ἡ ἐπίσκεψις ἐθεωρήθη ὡς ἡ σημαντικωτέρα τῶν ἐσχάτων ἐτῶν. Κατὰ πληροφορίας ἐκ πηγῶν τῆς κυβερνήσεως, αἱ συνομιλίαι συνεχίζονται ὑπὸ εὐνοϊκὰς συνθήκας καὶ ἀναμένεται ἡ ἔκδοσις κοινοῦ ἀνακοινωθέντος μετὰ τὸ πέρας τῶν ἐργασιῶν.
ΑΣΙΑΛΑΝΤΑΙ ΙΙ ΑΓΕΡΙΑ
ΑΛΓΕΡΙΟΝ, 30. (Ῥώυτερ). Ὡς ἀνεκοινώθη ἐπισήμως, αἱ ἀρχαὶ προέβησαν εἰς ἐκτεταμένας ἐρεύνας. Ὁ ἐκπρόσωπος τοῦ ὑπουργείου ἐδήλωσεν ὅτι ἡ κυβέρνησις παρακολουθεῖ μετὰ προσοχῆς τὴν ἐξέλιξιν τῶν γεγονότων καὶ θὰ λάβῃ πάντα τὰ ἐνδεικνυόμενα μέτρα.
Ὡς ἀνεκοινώθη ἐπισήμως, αἱ ἀρχαὶ προέβησαν εἰς ἐκτεταμένας ἐρεύνας. Ὁ ἐκπρόσωπος τοῦ ὑπουργείου ἐδήλωσεν ὅτι ἡ κυβέρνησις παρακολουθεῖ μετὰ προσοχῆς τὴν ἐξέλιξιν τῶν γεγονότων καὶ θὰ λάβῃ πάντα τὰ ἐνδεικνυόμενα μέτρα.
Η ΜΟΥΣΙΚΗ ΚΑΤΑΣΚΟΠΟΣ
ΤΕΛ ΑΒΙΒ, 30. (Ῥώυτερ). Ἡ ἐπίσκεψις ἐθεωρήθη ὡς ἡ σημαντικωτέρα τῶν ἐσχάτων ἐτῶν. Κατὰ πληροφορίας ἐκ πηγῶν τῆς κυβερνήσεως, αἱ συνομιλίαι συνεχίζονται ὑπὸ εὐνοϊκὰς συνθήκας καὶ ἀναμένεται ἡ ἔκδοσις κοινοῦ ἀνακοινωθέντος μετὰ τὸ πέρας τῶν ἐργασιῶν.
ΕΠΕΙΣΟΔΙΑ ΕΙΣ ΚΑΥΡΟΝ
ΚΑΥΡΟΝ, 30. (Ἡνωμ. Τύπος). Οἱ ἐκπρόσωποι τῶν ἐνδιαφερομένων μερῶν συνῆλθον εἰς σύσκεψιν ὑπὸ τὴν προεδρίαν τοῦ ἁρμοδίου ὑπουργοῦ, ἐξετάσαντες τὰ προβλήματα τὰ ὁποῖα ἀνέκυψαν κατὰ τὸ διαρρεῦσαν χρονικὸν διάστημα. Ἀπεφασίσθη ἡ λῆψις μέτρων πρὸς ἀντιμετώπισιν τῆς καταστάσεως.
ΒΡΕΤΑΝΝΙΚΑ ΟΠΛΑ
ΛΟΝΔΙΝΟΝ, 30. (Ῥώυτερ). Ὡς ἀνεκοινώθη ἐπισήμως, αἱ ἀρχαὶ προέβησαν εἰς ἐκτεταμένας ἐρεύνας. Ὁ ἐκπρόσωπος τοῦ ὑπουργείου ἐδήλωσεν ὅτι ἡ κυβέρνησις παρακολουθεῖ μετὰ προσοχῆς τὴν ἐξέλιξιν τῶν γεγονότων καὶ θὰ λάβῃ πάντα τὰ ἐνδεικνυόμενα μέτρα.
ΒΡΕΦΟΣ ΟΔΗΓΗΘΗ ΕΙΣ ΝΕΚΡΟΤΟΜΕΙΟΝ ΑΝΤΙ ΤΗΣ ΘΕΡΜΟΚΟΙΤΙΔΟΣ
ΚΑΛΑΜΑΤΑ, Ἰουλίου, 30. (Ἠπ. Τύπος). Ἡ ἐπίσκεψις ἐθεωρήθη ὡς ἡ σημαντικωτέρα τῶν ἐσχάτων ἐτῶν. Κατὰ πληροφορίας ἐκ πηγῶν τῆς κυβερνήσεως, αἱ συνομιλίαι συνεχίζονται ὑπὸ εὐνοϊκὰς συνθήκας καὶ ἀναμένεται ἡ ἔκδοσις κοινοῦ ἀνακοινωθέντος μετὰ τὸ πέρας τῶν ἐργασιῶν.
ΑΠΕΤΕΦΡΩΘΗ Η ΧΟΡΟΣ ΤΟΥ ΡΟΓΚΟΥΕΛ
ΑΡΑΙΓΚΤΟΝ, Βιρτζίνια, 30. (Ῥώυτερ). Οἱ ἐκπρόσωποι τῶν ἐνδιαφερομένων μερῶν συνῆλθον εἰς σύσκεψιν ὑπὸ τὴν προεδρίαν τοῦ ἁρμοδίου ὑπουργοῦ, ἐξετάσαντες τὰ προβλήματα τὰ ὁποῖα ἀνέκυψαν κατὰ τὸ διαρρεῦσαν χρονικὸν διάστημα. Ἀπεφασίσθη ἡ λῆψις μέτρων πρὸς ἀντιμετώπισιν τῆς καταστάσεως.
ΑΙ ΕΛΛΗΝΟΣΟΒΙΕΤΙΚΑΙ ΕΜΠΟΡΙΚΑΙ ΣΥΝΑΛΛΑΓΑΙ
ΑΘΗΝΑΙ, 30. Ὡς ἀνεκοινώθη ἐπισήμως, αἱ ἀρχαὶ προέβησαν εἰς ἐκτεταμένας ἐρεύνας. Ὁ ἐκπρόσωπος τοῦ ὑπουργείου ἐδήλωσεν ὅτι ἡ κυβέρνησις παρακολουθεῖ μετὰ προσοχῆς τὴν ἐξέλιξιν τῶν γεγονότων καὶ θὰ λάβῃ πάντα τὰ ἐνδεικνυόμενα μέτρα.
ΘΕΡΜΑΙ ΕΥΧΑΡΙΣΤΙΑΙ ΕΛΛΗΝΟΑΜΕΡΙΚΑΝΩΝ
ΑΘΗΝΑΙ, 30. (Ἀθην. Πρακτ.) Ἡ ἐπίσκεψις ἐθεωρήθη ὡς ἡ σημαντικωτέρα τῶν ἐσχάτων ἐτῶν. Κατὰ πληροφορίας ἐκ πηγῶν τῆς κυβερνήσεως, αἱ συνομιλίαι συνεχίζονται ὑπὸ εὐνοϊκὰς συνθήκας καὶ ἀναμένεται ἡ ἔκδοσις κοινοῦ ἀνακοινωθέντος μετὰ τὸ πέρας τῶν ἐργασιῶν.
Ο κ. ΤΣΑΜΙ ΜΕΤΕΒΗ ΕΙΣ ΚΙΝΣΑΣΑ
ΜΠΡΑΖΑΒΙΛ, 30. (Ῥώυτερ). Οἱ ἐκπρόσωποι τῶν ἐνδιαφερομένων μερῶν συνῆλθον εἰς σύσκεψιν ὑπὸ τὴν προεδρίαν τοῦ ἁρμοδίου ὑπουργοῦ, ἐξετάσαντες τὰ προβλήματα τὰ ὁποῖα ἀνέκυψαν κατὰ τὸ διαρρεῦσαν χρονικὸν διάστημα. Ἀπεφασίσθη ἡ λῆψις μέτρων πρὸς ἀντιμετώπισιν τῆς καταστάσεως.
ΑΕΡΟΠΛΑΝΑ ΤΗΣ ΝΙΓΗΡΙΑΣ ΕΒΟΜΒΑΡΔΙΣΑΝ ΘΕΣΕΙΣ ΤΩΝ ΕΠΑΝΑΣΤΑΤΙΚΩΝ ΔΥΝΑΜΕΩΝ
ΛΑΓΟΣ, 30. (Ἀσ. Πρές). Ἡ ἐπίσκεψις ἐθεωρήθη ὡς ἡ σημαντικωτέρα τῶν ἐσχάτων ἐτῶν. Κατὰ πληροφορίας ἐκ πηγῶν τῆς κυβερνήσεως, αἱ συνομιλίαι συνεχίζονται ὑπὸ εὐνοϊκὰς συνθήκας καὶ ἀναμένεται ἡ ἔκδοσις κοινοῦ ἀνακοινωθέντος μετὰ τὸ πέρας τῶν ἐργασιῶν.
ΝΤΟΥΑΛΑ, 30. (Ῥώυτερ). Ὡς ἀνεκοινώθη ἐπισήμως, αἱ ἀρχαὶ προέβησαν εἰς ἐκτεταμένας ἐρεύνας. Ὁ ἐκπρόσωπος τοῦ ὑπουργείου ἐδήλωσεν ὅτι ἡ κυβέρνησις παρακολουθεῖ μετὰ προσοχῆς τὴν ἐξέλιξιν τῶν γεγονότων καὶ θὰ λάβῃ πάντα τὰ ἐνδεικνυόμενα μέτρα.
Ἀμερικανικὰ βομβαρδιστικὰ παρεβίασαν ἐκ νέου τὸν ἐναέριον χῶρον τοῦ Ἀνόϊ
ΚΑΙ ΕΠΛΗΞΑΝ ΕΓΚΑΤΑΣΤΑΣΕΙΣ ΕΙΣ ΠΕΡΙΟΧΑΣ ΤΩΝ ΠΡΟΑΣΤΙΩΝ
ΑΝΑΜΕΝΕΤΑΙ ΕΝΤΑΣΙΣ ΤΩΝ ΦΥΛΕΤΙΚΩΝ ΤΑΡΑΧΩΝ ΕΙΣ ΗΝ. ΠΟΛΙΤΕΙΑΣ
ΟΥΑΣΙΓΚΤΩΝ, 30. (Ἀσ. Πρές). Ἡ ἐπίσκεψις ἐθεωρήθη ὡς ἡ σημαντικωτέρα τῶν ἐσχάτων ἐτῶν. Κατὰ πληροφορίας ἐκ πηγῶν τῆς κυβερνήσεως, αἱ συνομιλίαι συνεχίζονται ὑπὸ εὐνοϊκὰς συνθήκας καὶ ἀναμένεται ἡ ἔκδοσις κοινοῦ ἀνακοινωθέντος μετὰ τὸ πέρας τῶν ἐργασιῶν.
ΑΓΓΛΙΚΗ ΕΤΑΙΡΕΙΑ ΗΓΟΡΑΣΕ ΜΕΤΟΧΑΣ ΕΛΛΗΝΙΚΑΣ
ΑΘΗΝΑΙ, 30. Οἱ ἐκπρόσωποι τῶν ἐνδιαφερομένων μερῶν συνῆλθον εἰς σύσκεψιν ὑπὸ τὴν προεδρίαν τοῦ ἁρμοδίου ὑπουργοῦ, ἐξετάσαντες τὰ προβλήματα τὰ ὁποῖα ἀνέκυψαν κατὰ τὸ διαρρεῦσαν χρονικὸν διάστημα. Ἀπεφασίσθη ἡ λῆψις μέτρων πρὸς ἀντιμετώπισιν τῆς καταστάσεως.
ΒΕΡΟΛΙΝΟΝ, 30. (Ἀσσ. Πρές). Ὡς ἀνεκοινώθη ἐπισήμως, αἱ ἀρχαὶ προέβησαν εἰς ἐκτεταμένας ἐρεύνας. Ὁ ἐκπρόσωπος τοῦ ὑπουργείου ἐδήλωσεν ὅτι ἡ κυβέρνησις παρακολουθεῖ μετὰ προσοχῆς τὴν ἐξέλιξιν τῶν γεγονότων καὶ θὰ λάβῃ πάντα τὰ ἐνδεικνυόμενα μέτρα. Ἡ ἐπίσκεψις ἐθεωρήθη ὡς ἡ σημαντικωτέρα τῶν ἐσχάτων ἐτῶν. Κατὰ πληροφορίας ἐκ πηγῶν τῆς κυβερνήσεως, αἱ συνομιλίαι συνεχίζονται ὑπὸ εὐνοϊκὰς συνθήκας καὶ ἀναμένεται ἡ ἔκδοσις κοινοῦ ἀνακοινωθέντος μετὰ τὸ πέρας τῶν ἐργασιῶν.
ΕΠΛΗΓΗ ΒΑΣΙΣ ΠΥΡΑΥΛΩΝ
ΣΑΙΓΚΟΝ, 30. (Ἡνωμ. Τύπος). Οἱ ἐκπρόσωποι τῶν ἐνδιαφερομένων μερῶν συνῆλθον εἰς σύσκεψιν ὑπὸ τὴν προεδρίαν τοῦ ἁρμοδίου ὑπουργοῦ, ἐξετάσαντες τὰ προβλήματα τὰ ὁποῖα ἀνέκυψαν κατὰ τὸ διαρρεῦσαν χρονικὸν διάστημα. Ἀπεφασίσθη ἡ λῆψις μέτρων πρὸς ἀντιμετώπισιν τῆς καταστάσεως.
ΣΥΝΕΧΙΖΟΝΤΑΙ ΑΙ ΜΑΧΑΙ ΕΙΣ ΤΗΝ ΚΑΝΤΩΝΑ ΜΕΤΑΞΥ ΟΠΑΔΩΝ ΚΑΙ ΑΝΤΙΠΑΛΩΝ ΤΟΥ ΜΑΟ
ΕΛΗΞΑΝ ΑΙ ΕΠΙΧΕΙΡΗΣΕΙΣ ΕΙΣ ΤΟ ΛΑΝΤΣΕΟΥ
ΧΟΓΚ ΚΟΓΚ, 30. (Ῥώυτερ). Ἡ ἐπίσκεψις ἐθεωρήθη ὡς ἡ σημαντικωτέρα τῶν ἐσχάτων ἐτῶν. Κατὰ πληροφορίας ἐκ πηγῶν τῆς κυβερνήσεως, αἱ συνομιλίαι συνεχίζονται ὑπὸ εὐνοϊκὰς συνθήκας καὶ ἀναμένεται ἡ ἔκδοσις κοινοῦ ἀνακοινωθέντος μετὰ τὸ πέρας τῶν ἐργασιῶν. Οἱ ἐκπρόσωποι τῶν ἐνδιαφερομένων μερῶν συνῆλθον εἰς σύσκεψιν ὑπὸ τὴν προεδρίαν τοῦ ἁρμοδίου ὑπουργοῦ, ἐξετάσαντες τὰ προβλήματα τὰ ὁποῖα ἀνέκυψαν κατὰ τὸ διαρρεῦσαν χρονικὸν διάστημα. Ἀπεφασίσθη ἡ λῆψις μέτρων πρὸς ἀντιμετώπισιν τῆς καταστάσεως.
ΑΠΟΚΗΡΥΞΙΣ ΗΓΕΤΟΥ
ΧΟΓΚ ΚΟΓΚ, 30. (Ἀσσ. Πρές). Ὡς ἀνεκοινώθη ἐπισήμως, αἱ ἀρχαὶ προέβησαν εἰς ἐκτεταμένας ἐρεύνας. Ὁ ἐκπρόσωπος τοῦ ὑπουργείου ἐδήλωσεν ὅτι ἡ κυβέρνησις παρακολουθεῖ μετὰ προσοχῆς τὴν ἐξέλιξιν τῶν γεγονότων καὶ θὰ λάβῃ πάντα τὰ ἐνδεικνυόμενα μέτρα.
ΕΛΗΞΕΝ Ο ΑΓΩΝ ΕΙΣ ΛΑΝΤΣΕΟΥ
ΤΟΚΙΟ, 30. (Ἀσσ. Πρές). Ἡ ἐπίσκεψις ἐθεωρήθη ὡς ἡ σημαντικωτέρα τῶν ἐσχάτων ἐτῶν. Κατὰ πληροφορίας ἐκ πηγῶν τῆς κυβερνήσεως, αἱ συνομιλίαι συνεχίζονται ὑπὸ εὐνοϊκὰς συνθήκας καὶ ἀναμένεται ἡ ἔκδοσις κοινοῦ ἀνακοινωθέντος μετὰ τὸ πέρας τῶν ἐργασιῶν.
ΕΚΚΛΗΣΙΣ ΕΡΓΑΤΩΝ
ΤΟΚΙΟ, 30. (Ῥώυτερ). Οἱ ἐκπρόσωποι τῶν ἐνδιαφερομένων μερῶν συνῆλθον εἰς σύσκεψιν ὑπὸ τὴν προεδρίαν τοῦ ἁρμοδίου ὑπουργοῦ, ἐξετάσαντες τὰ προβλήματα τὰ ὁποῖα ἀνέκυψαν κατὰ τὸ διαρρεῦσαν χρονικὸν διάστημα. Ἀπεφασίσθη ἡ λῆψις μέτρων πρὸς ἀντιμετώπισιν τῆς καταστάσεως.
ΝΑΥΑΓΟΥΝ ΑΙ ΠΡΟΣΠΑΘΕΙΑΙ ΤΩΝ ΗΝ. ΕΘΝΩΝ ΟΠΩΣ ΛΗΦΘΟΥΝ ΟΡΙΣΤΙΚΑΙ ΑΠΟΦΑΣΕΙΣ ΕΠΙ ΤΟΥ ΠΡΟΒΛΗΜΑΤΟΣ ΤΗΣ ΝΟΤ. ΑΡΑΒΙΑΣ
ΛΟΝΔΙΝΟΝ, 30. (Ῥώυτερ). Ἡ ἐπίσκεψις ἐθεωρήθη ὡς ἡ σημαντικωτέρα τῶν ἐσχάτων ἐτῶν. Κατὰ πληροφορίας ἐκ πηγῶν τῆς κυβερνήσεως, αἱ συνομιλίαι συνεχίζονται ὑπὸ εὐνοϊκὰς συνθήκας καὶ ἀναμένεται ἡ ἔκδοσις κοινοῦ ἀνακοινωθέντος μετὰ τὸ πέρας τῶν ἐργασιῶν. Ὡς ἀνεκοινώθη ἐπισήμως, αἱ ἀρχαὶ προέβησαν εἰς ἐκτεταμένας ἐρεύνας. Ὁ ἐκπρόσωπος τοῦ ὑπουργείου ἐδήλωσεν ὅτι ἡ κυβέρνησις παρακολουθεῖ μετὰ προσοχῆς τὴν ἐξέλιξιν τῶν γεγονότων καὶ θὰ λάβῃ πάντα τὰ ἐνδεικνυόμενα μέτρα.
ΝΕΑ ΑΠΕΡΓΙΑ
ΑΝΤΕΝ, 30. (Ῥώυτερ). Οἱ ἐκπρόσωποι τῶν ἐνδιαφερομένων μερῶν συνῆλθον εἰς σύσκεψιν ὑπὸ τὴν προεδρίαν τοῦ ἁρμοδίου ὑπουργοῦ, ἐξετάσαντες τὰ προβλήματα τὰ ὁποῖα ἀνέκυψαν κατὰ τὸ διαρρεῦσαν χρονικὸν διάστημα. Ἀπεφασίσθη ἡ λῆψις μέτρων πρὸς ἀντιμετώπισιν τῆς καταστάσεως.
ΤΡΟΜΟΚΡΑΤΙΚΟΣ ΣΗΜΑΙΑ
ΑΝΤΕΝ, 30. (Ῥώυτερ). Ὡς ἀνεκοινώθη ἐπισήμως, αἱ ἀρχαὶ προέβησαν εἰς ἐκτεταμένας ἐρεύνας. Ὁ ἐκπρόσωπος τοῦ ὑπουργείου ἐδήλωσεν ὅτι ἡ κυβέρνησις παρακολουθεῖ μετὰ προσοχῆς τὴν ἐξέλιξιν τῶν γεγονότων καὶ θὰ λάβῃ πάντα τὰ ἐνδεικνυόμενα μέτρα.
ΦΟΝΟΣ ΑΡΑΒΟΣ
ΑΝΤΕΝ, 30. (Ῥώυτερ). Ἡ ἐπίσκεψις ἐθεωρήθη ὡς ἡ σημαντικωτέρα τῶν ἐσχάτων ἐτῶν. Κατὰ πληροφορίας ἐκ πηγῶν τῆς κυβερνήσεως, αἱ συνομιλίαι συνεχίζονται ὑπὸ εὐνοϊκὰς συνθήκας καὶ ἀναμένεται ἡ ἔκδοσις κοινοῦ ἀνακοινωθέντος μετὰ τὸ πέρας τῶν ἐργασιῶν.
ΜΕΤΕΒΗΣΑΝ ΕΙΣ ΣΑ-Ι-ΓΚΟΝ ΑΜΕΡΙΚΑΝΟΙ ΠΑΡΑΤΗΡΗΤΑΙ ΠΡΟΣ ΠΑΡΑΚΟΛΟΥΘΗΣΙΝ ΤΩΝ ΠΡΟΕΔΡΙΚΩΝ ΕΚΛΟΓΩΝ
ΣΑΪΓΚΟΝ, 30. (Ῥώυτερ). Οἱ ἐκπρόσωποι τῶν ἐνδιαφερομένων μερῶν συνῆλθον εἰς σύσκεψιν ὑπὸ τὴν προεδρίαν τοῦ ἁρμοδίου ὑπουργοῦ, ἐξετάσαντες τὰ προβλήματα τὰ ὁποῖα ἀνέκυψαν κατὰ τὸ διαρρεῦσαν χρονικὸν διάστημα. Ἀπεφασίσθη ἡ λῆψις μέτρων πρὸς ἀντιμετώπισιν τῆς καταστάσεως.
ΕΚ ΜΕΡΟΥΣ ΤΟΥ ΤΙΟΥ
ΣΑΪΓΚΟΝ, 30. (Ῥώυτερ). Ὡς ἀνεκοινώθη ἐπισήμως, αἱ ἀρχαὶ προέβησαν εἰς ἐκτεταμένας ἐρεύνας. Ὁ ἐκπρόσωπος τοῦ ὑπουργείου ἐδήλωσεν ὅτι ἡ κυβέρνησις παρακολουθεῖ μετὰ προσοχῆς τὴν ἐξέλιξιν τῶν γεγονότων καὶ θὰ λάβῃ πάντα τὰ ἐνδεικνυόμενα μέτρα.
Ο ΥΠΟΥΡΓΟΣ ΒΙΟΜΗΧΑΝΙΑΣ ΘΑ ΕΠΙΣΚΕΦΘΗ ΤΗΝ ΘΡΑΚΗΝ
Ἡ ἐπίσκεψις ἐθεωρήθη ὡς ἡ σημαντικωτέρα τῶν ἐσχάτων ἐτῶν. Κατὰ πληροφορίας ἐκ πηγῶν τῆς κυβερνήσεως, αἱ συνομιλίαι συνεχίζονται ὑπὸ εὐνοϊκὰς συνθήκας καὶ ἀναμένεται ἡ ἔκδοσις κοινοῦ ἀνακοινωθέντος μετὰ τὸ πέρας τῶν ἐργασιῶν.
ΔΙΑΘΕΣΙΣ ΠΙΣΤΩΣΕΩΝ ΔΙΑ ΤΗΝ ΓΕΩΡΓΟΠΟΙΪΑΝ
ΑΘΗΝΑΙ, 30. Οἱ ἐκπρόσωποι τῶν ἐνδιαφερομένων μερῶν συνῆλθον εἰς σύσκεψιν ὑπὸ τὴν προεδρίαν τοῦ ἁρμοδίου ὑπουργοῦ, ἐξετάσαντες τὰ προβλήματα τὰ ὁποῖα ἀνέκυψαν κατὰ τὸ διαρρεῦσαν χρονικὸν διάστημα. Ἀπεφασίσθη ἡ λῆψις μέτρων πρὸς ἀντιμετώπισιν τῆς καταστάσεως.
ΣΤΡΟΦΗΝ ΤΗΣ ΓΑΛΛΙΑΣ ΠΡΟΣ ΤΗΝ ΕΛΛΑΔΑ ΔΙΑΠΙΣΤΟΙ ΕΛΛΗΝΟΑΜΕΡΙΚΑΝΙΚΗ ΕΦΗΜΕΡΙΣ
ΝΕΑ ΥΟΡΚΗ, 30. (Ἀθην. Πρακτ.) Ὡς ἀνεκοινώθη ἐπισήμως, αἱ ἀρχαὶ προέβησαν εἰς ἐκτεταμένας ἐρεύνας. Ὁ ἐκπρόσωπος τοῦ ὑπουργείου ἐδήλωσεν ὅτι ἡ κυβέρνησις παρακολουθεῖ μετὰ προσοχῆς τὴν ἐξέλιξιν τῶν γεγονότων καὶ θὰ λάβῃ πάντα τὰ ἐνδεικνυόμενα μέτρα. Ἡ ἐπίσκεψις ἐθεωρήθη ὡς ἡ σημαντικωτέρα τῶν ἐσχάτων ἐτῶν. Κατὰ πληροφορίας ἐκ πηγῶν τῆς κυβερνήσεως, αἱ συνομιλίαι συνεχίζονται ὑπὸ εὐνοϊκὰς συνθήκας καὶ ἀναμένεται ἡ ἔκδοσις κοινοῦ ἀνακοινωθέντος μετὰ τὸ πέρας τῶν ἐργασιῶν.
ΟΚΤΩ ΝΕΚΡΟΙ ΚΑΤΑ ΤΗΝ ΣΥΝΤΡΙΒΗΝ ΕΛΙΚΟΠΤΕΡΟΥ
ΚΑΛΙ, Κολομβία, 30. (Ῥώυτερ). Οἱ ἐκπρόσωποι τῶν ἐνδιαφερομένων μερῶν συνῆλθον εἰς σύσκεψιν ὑπὸ τὴν προεδρίαν τοῦ ἁρμοδίου ὑπουργοῦ, ἐξετάσαντες τὰ προβλήματα τὰ ὁποῖα ἀνέκυψαν κατὰ τὸ διαρρεῦσαν χρονικὸν διάστημα. Ἀπεφασίσθη ἡ λῆψις μέτρων πρὸς ἀντιμετώπισιν τῆς καταστάσεως.
Ο κ. ΤΟΤΟΜΠΕ ΜΕΤΕΒΗ ΕΙΣ ΛΑΓΟΣ ΚΑΙ ΚΟ
ΛΟΠΟΛΔ, 30. (Ῥώυτερ). Ὡς ἀνεκοινώθη ἐπισήμως, αἱ ἀρχαὶ προέβησαν εἰς ἐκτεταμένας ἐρεύνας. Ὁ ἐκπρόσωπος τοῦ ὑπουργείου ἐδήλωσεν ὅτι ἡ κυβέρνησις παρακολουθεῖ μετὰ προσοχῆς τὴν ἐξέλιξιν τῶν γεγονότων καὶ θὰ λάβῃ πάντα τὰ ἐνδεικνυόμενα μέτρα.
ΕΙΣ ΟΥΔΕΝ ΣΥΜΠΕΡΑΣΜΑ ΚΑΤΕΛΗΞΑΝ ΟΙ ΙΑΤΡΟΙ ΠΕΡΙ ΤΩΝ ΑΙΤΙΩΝ ΤΟΥ ΘΑΝΑΤΟΥ ΤΟΥ ΤΖΟΡΤΑΝ
ΝΕΑ ΥΟΡΚΗ, 30. (Ῥώυτερ). Ἡ ἐπίσκεψις ἐθεωρήθη ὡς ἡ σημαντικωτέρα τῶν ἐσχάτων ἐτῶν. Κατὰ πληροφορίας ἐκ πηγῶν τῆς κυβερνήσεως, αἱ συνομιλίαι συνεχίζονται ὑπὸ εὐνοϊκὰς συνθήκας καὶ ἀναμένεται ἡ ἔκδοσις κοινοῦ ἀνακοινωθέντος μετὰ τὸ πέρας τῶν ἐργασιῶν. Οἱ ἐκπρόσωποι τῶν ἐνδιαφερομένων μερῶν συνῆλθον εἰς σύσκεψιν ὑπὸ τὴν προεδρίαν τοῦ ἁρμοδίου ὑπουργοῦ, ἐξετάσαντες τὰ προβλήματα τὰ ὁποῖα ἀνέκυψαν κατὰ τὸ διαρρεῦσαν χρονικὸν διάστημα. Ἀπεφασίσθη ἡ λῆψις μέτρων πρὸς ἀντιμετώπισιν τῆς καταστάσεως. Ὡς ἀνεκοινώθη ἐπισήμως, αἱ ἀρχαὶ προέβησαν εἰς ἐκτεταμένας ἐρεύνας. Ὁ ἐκπρόσωπος τοῦ ὑπουργείου ἐδήλωσεν ὅτι ἡ κυβέρνησις παρακολουθεῖ μετὰ προσοχῆς τὴν ἐξέλιξιν τῶν γεγονότων καὶ θὰ λάβῃ πάντα τὰ ἐνδεικνυόμενα μέτρα.
Ἡ ἐπίσκεψις ἐθεωρήθη ὡς ἡ σημαντικωτέρα τῶν ἐσχάτων ἐτῶν. Κατὰ πληροφορίας ἐκ πηγῶν τῆς κυβερνήσεως, αἱ συνομιλίαι συνεχίζονται ὑπὸ εὐνοϊκὰς συνθήκας καὶ ἀναμένεται ἡ ἔκδοσις κοινοῦ ἀνακοινωθέντος μετὰ τὸ πέρας τῶν ἐργασιῶν.
